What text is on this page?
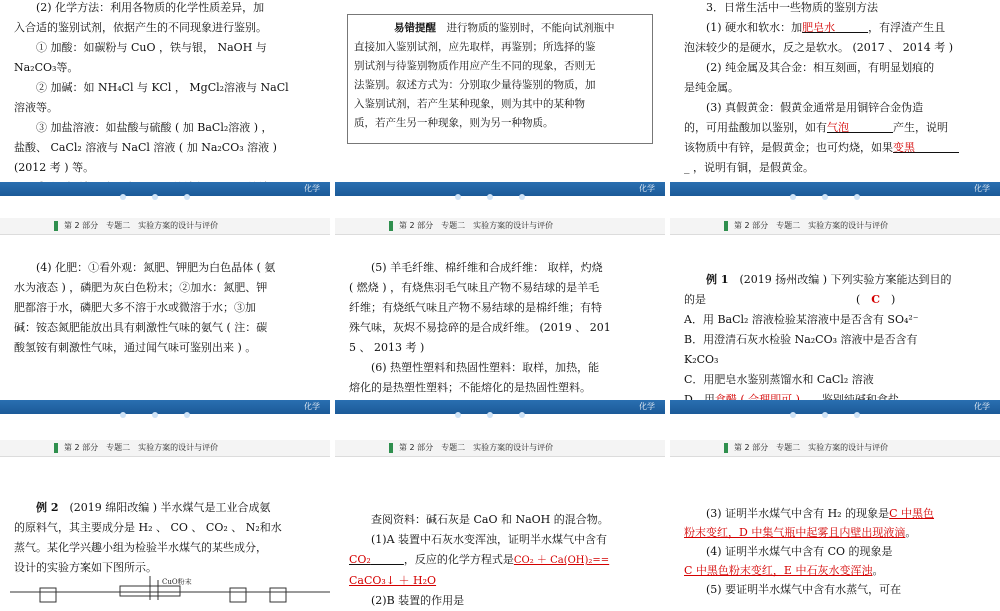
(2) 化学方法：利用各物质的化学性质差异，加

入合适的鉴别试剂，依据产生的不同现象进行鉴别。

① 加酸：如碳粉与 CuO ，铁与银， NaOH 与

Na₂CO₃等。

② 加碱：如 NH₄Cl 与 KCl ， MgCl₂溶液与 NaCl

溶液等。

③ 加盐溶液：如盐酸与硫酸 ( 加 BaCl₂溶液 ) ，

盐酸、 CaCl₂ 溶液与 NaCl 溶液 ( 加 Na₂CO₃ 溶液 )

(2012 考 ) 等。

化学

易错提醒　 进行物质的鉴别时，不能向试剂瓶中

直接加入鉴别试剂，应先取样，再鉴别；所选择的鉴

别试剂与待鉴别物质作用应产生不同的现象，否则无

法鉴别。叙述方式为：分别取少量待鉴别的物质，加

入鉴别试剂，若产生某种现象，则为其中的某种物

质，若产生另一种现象，则为另一种物质。

化学

3．日常生活中一些物质的鉴别方法

(1) 硬水和软水：加肥皂水　　　	，有浮渣产生且

泡沫较少的是硬水，反之是软水。 (2017 、 2014 考 )

(2) 纯金属及其合金：相互刻画，有明显划痕的

是纯金属。

(3) 真假黄金：假黄金通常是用铜锌合金伪造

的，可用盐酸加以鉴别，如有气泡　　　　	产生，说明

该物质中有锌，是假黄金；也可灼烧，如果变黑　　　　

_ ，说明有铜，是假黄金。

化学
第 2 部分　专题二　实验方案的设计与评价

(4) 化肥：①看外观：氮肥、钾肥为白色晶体 ( 氨

水为液态 ) ，磷肥为灰白色粉末；②加水：氮肥、钾

肥都溶于水，磷肥大多不溶于水或微溶于水；③加

碱：铵态氮肥能放出具有刺激性气味的氨气 ( 注：碳

酸氢铵有刺激性气味，通过闻气味可鉴别出来 ) 。

化学
第 2 部分　专题二　实验方案的设计与评价

(5) 羊毛纤维、棉纤维和合成纤维： 取样，灼烧

( 燃烧 ) ，有烧焦羽毛气味且产物不易结球的是羊毛

纤维；有烧纸气味且产物不易结球的是棉纤维；有特

殊气味，灰烬不易捻碎的是合成纤维。 (2019 、 201

5 、 2013 考 )

(6) 热塑性塑料和热固性塑料：取样，加热，能

熔化的是热塑性塑料；不能熔化的是热固性塑料。

化学
第 2 部分　专题二　实验方案的设计与评价

例 1　 (2019 扬州改编 ) 下列实验方案能达到目的

的是	(　C　)

A．用 BaCl₂ 溶液检验某溶液中是否含有 SO₄²⁻

B．用澄清石灰水检验 Na₂CO₃ 溶液中是否含有

K₂CO₃

C．用肥皂水鉴别蒸馏水和 CaCl₂ 溶液

化学
第 2 部分　专题二　实验方案的设计与评价

例 2　 (2019 绵阳改编 ) 半水煤气是工业合成氨

的原料气，其主要成分是 H₂ 、 CO 、 CO₂ 、 N₂和水

蒸气。某化学兴趣小组为检验半水煤气的某些成分，

设计的实验方案如下图所示。

CuO粉末
第 2 部分　专题二　实验方案的设计与评价

查阅资料：碱石灰是 CaO 和 NaOH 的混合物。

(1)A 装置中石灰水变浑浊，证明半水煤气中含有

CO₂　　　	，反应的化学方程式是CO₂ ＋ Ca(OH)₂==

CaCO₃↓ ＋ H₂O

(2)B 装置的作用是

第 2 部分　专题二　实验方案的设计与评价

(3) 证明半水煤气中含有 H₂ 的现象是C 中黑色

粉末变红，D 中集气瓶中起雾且内壁出现液滴。

(4) 证明半水煤气中含有 CO 的现象是

C 中黑色粉末变红，E 中石灰水变浑浊。

(5) 要证明半水煤气中含有水蒸气，可在
